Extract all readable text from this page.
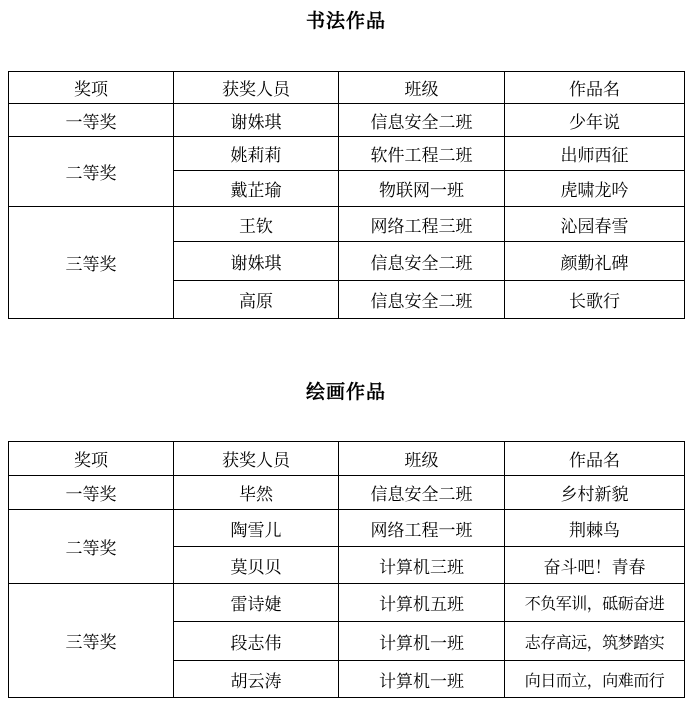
书法作品
奖项	获奖人员	班级	作品名
一等奖	谢姝琪	信息安全二班	少年说
二等奖	姚莉莉	软件工程二班	出师西征
	戴芷瑜	物联网一班	虎啸龙吟
三等奖	王钦	网络工程三班	沁园春雪
	谢姝琪	信息安全二班	颜勤礼碑
	高原	信息安全二班	长歌行
绘画作品
奖项	获奖人员	班级	作品名
一等奖	毕然	信息安全二班	乡村新貌
二等奖	陶雪儿	网络工程一班	荆棘鸟
	莫贝贝	计算机三班	奋斗吧！青春
三等奖	雷诗婕	计算机五班	不负军训，砥砺奋进
	段志伟	计算机一班	志存高远，筑梦踏实
	胡云涛	计算机一班	向日而立，向难而行
